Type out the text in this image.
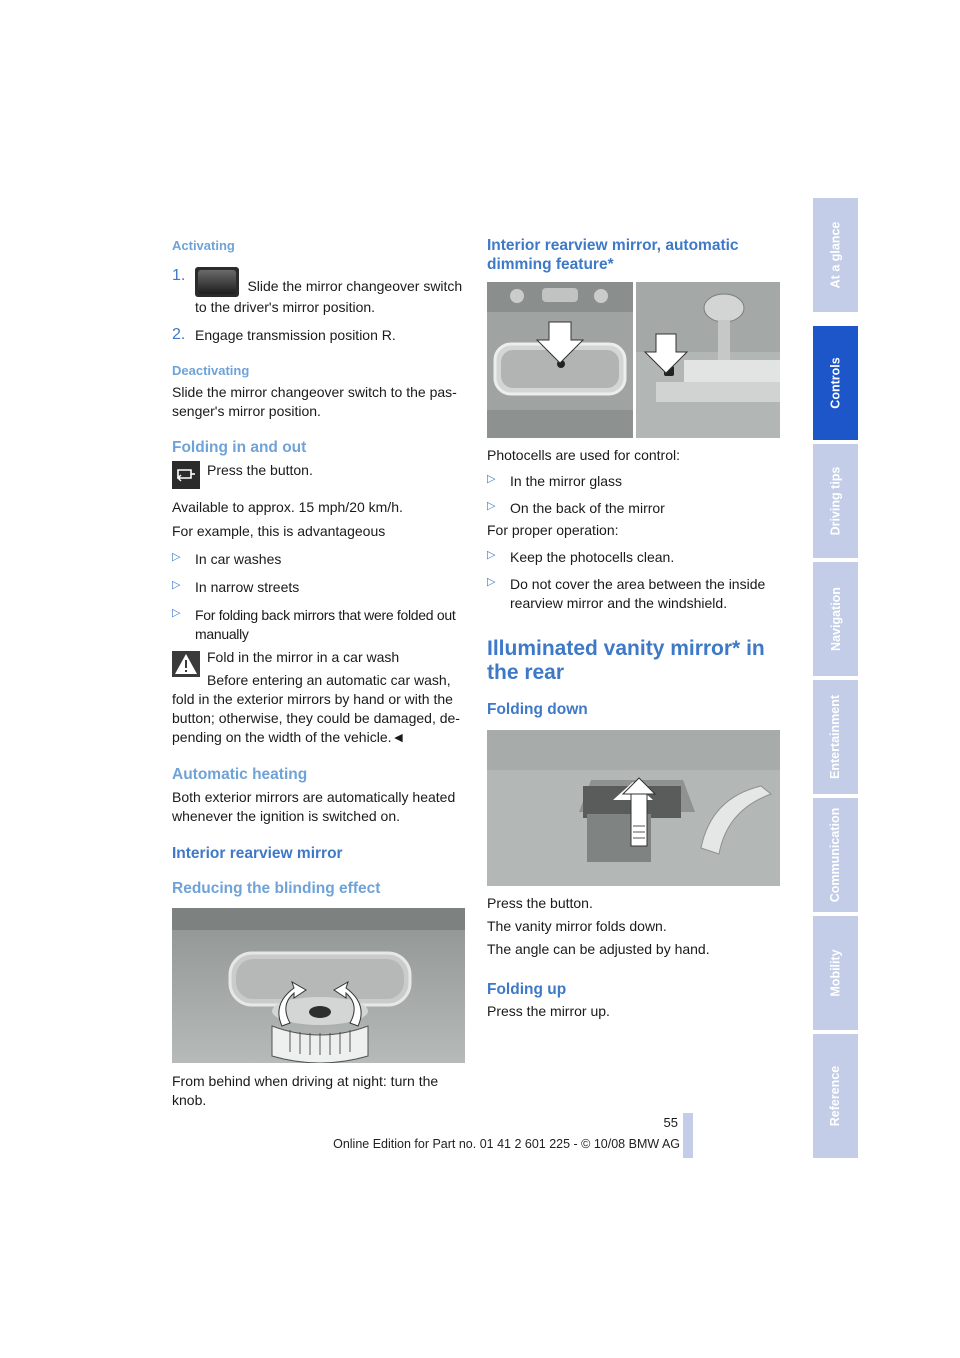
Activating

1.
Slide the mirror changeover switch

to the driver's mirror position.

2. Engage transmission position R.

Deactivating

Slide the mirror changeover switch to the pas-senger's mirror position.

Folding in and out

Press the button.

Available to approx. 15 mph/20 km/h.

For example, this is advantageous

▷	In car washes

▷	In narrow streets

▷	For folding back mirrors that were folded out manually

Fold in the mirror in a car wash

Before entering an automatic car wash,

fold in the exterior mirrors by hand or with the button; otherwise, they could be damaged, de-pending on the width of the vehicle.◄

Automatic heating

Both exterior mirrors are automatically heated whenever the ignition is switched on.

Interior rearview mirror

Reducing the blinding effect

From behind when driving at night: turn the knob.

Interior rearview mirror, automatic dimming feature*

Photocells are used for control:

▷	In the mirror glass

▷	On the back of the mirror

For proper operation:

▷	Keep the photocells clean.

▷	Do not cover the area between the inside rearview mirror and the windshield.

Illuminated vanity mirror* in the rear

Folding down

Press the button.

The vanity mirror folds down.

The angle can be adjusted by hand.

Folding up

Press the mirror up.

At a glance
Controls
Driving tips
Navigation
Entertainment
Communication
Mobility
Reference
55
Online Edition for Part no. 01 41 2 601 225 - © 10/08 BMW AG
